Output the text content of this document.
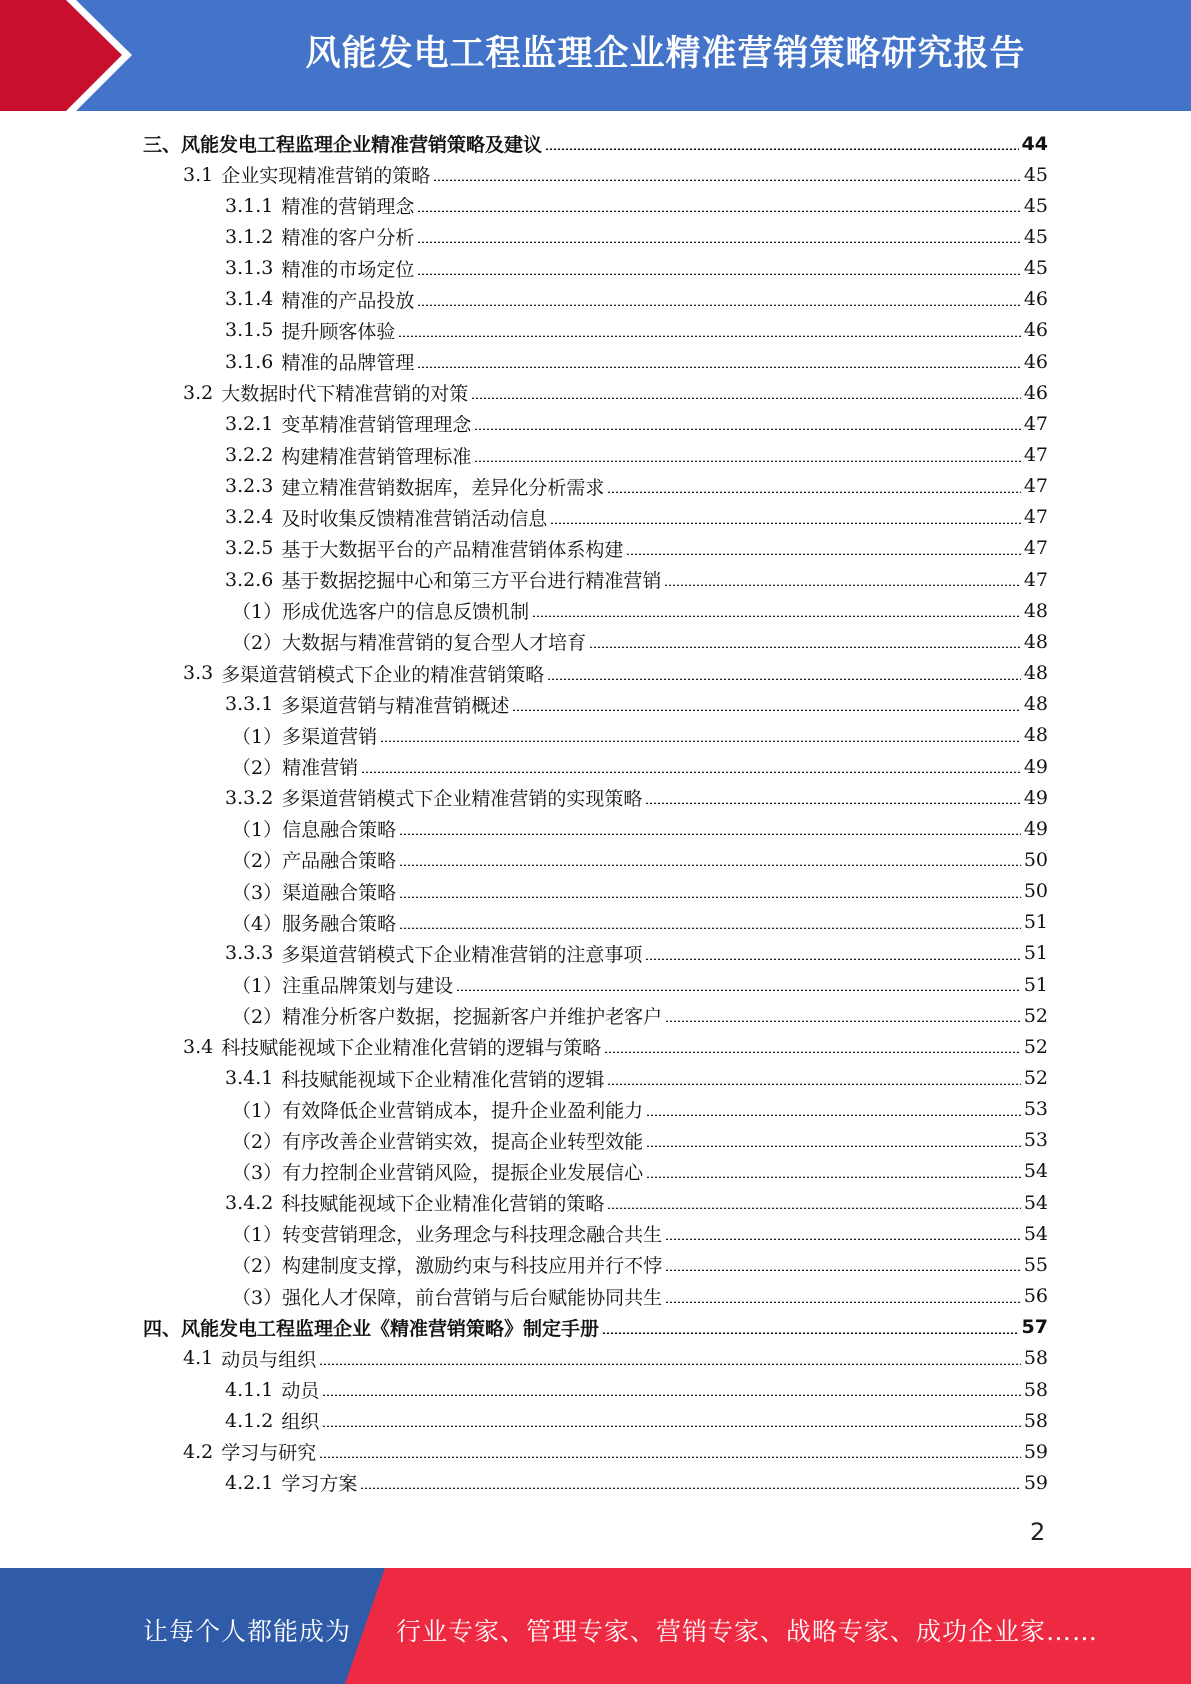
风能发电工程监理企业精准营销策略研究报告
三、风能发电工程监理企业精准营销策略及建议	44
3.1 企业实现精准营销的策略	45
3.1.1 精准的营销理念	45
3.1.2 精准的客户分析	45
3.1.3 精准的市场定位	45
3.1.4 精准的产品投放	46
3.1.5 提升顾客体验	46
3.1.6 精准的品牌管理	46
3.2 大数据时代下精准营销的对策	46
3.2.1 变革精准营销管理理念	47
3.2.2 构建精准营销管理标准	47
3.2.3 建立精准营销数据库，差异化分析需求	47
3.2.4 及时收集反馈精准营销活动信息	47
3.2.5 基于大数据平台的产品精准营销体系构建	47
3.2.6 基于数据挖掘中心和第三方平台进行精准营销	47
（1）形成优选客户的信息反馈机制	48
（2）大数据与精准营销的复合型人才培育	48
3.3 多渠道营销模式下企业的精准营销策略	48
3.3.1 多渠道营销与精准营销概述	48
（1）多渠道营销	48
（2）精准营销	49
3.3.2 多渠道营销模式下企业精准营销的实现策略	49
（1）信息融合策略	49
（2）产品融合策略	50
（3）渠道融合策略	50
（4）服务融合策略	51
3.3.3 多渠道营销模式下企业精准营销的注意事项	51
（1）注重品牌策划与建设	51
（2）精准分析客户数据，挖掘新客户并维护老客户	52
3.4 科技赋能视域下企业精准化营销的逻辑与策略	52
3.4.1 科技赋能视域下企业精准化营销的逻辑	52
（1）有效降低企业营销成本，提升企业盈利能力	53
（2）有序改善企业营销实效，提高企业转型效能	53
（3）有力控制企业营销风险，提振企业发展信心	54
3.4.2 科技赋能视域下企业精准化营销的策略	54
（1）转变营销理念，业务理念与科技理念融合共生	54
（2）构建制度支撑，激励约束与科技应用并行不悖	55
（3）强化人才保障，前台营销与后台赋能协同共生	56
四、风能发电工程监理企业《精准营销策略》制定手册	57
4.1 动员与组织	58
4.1.1 动员	58
4.1.2 组织	58
4.2 学习与研究	59
4.2.1 学习方案	59
2
让每个人都能成为 行业专家、管理专家、营销专家、战略专家、成功企业家……
